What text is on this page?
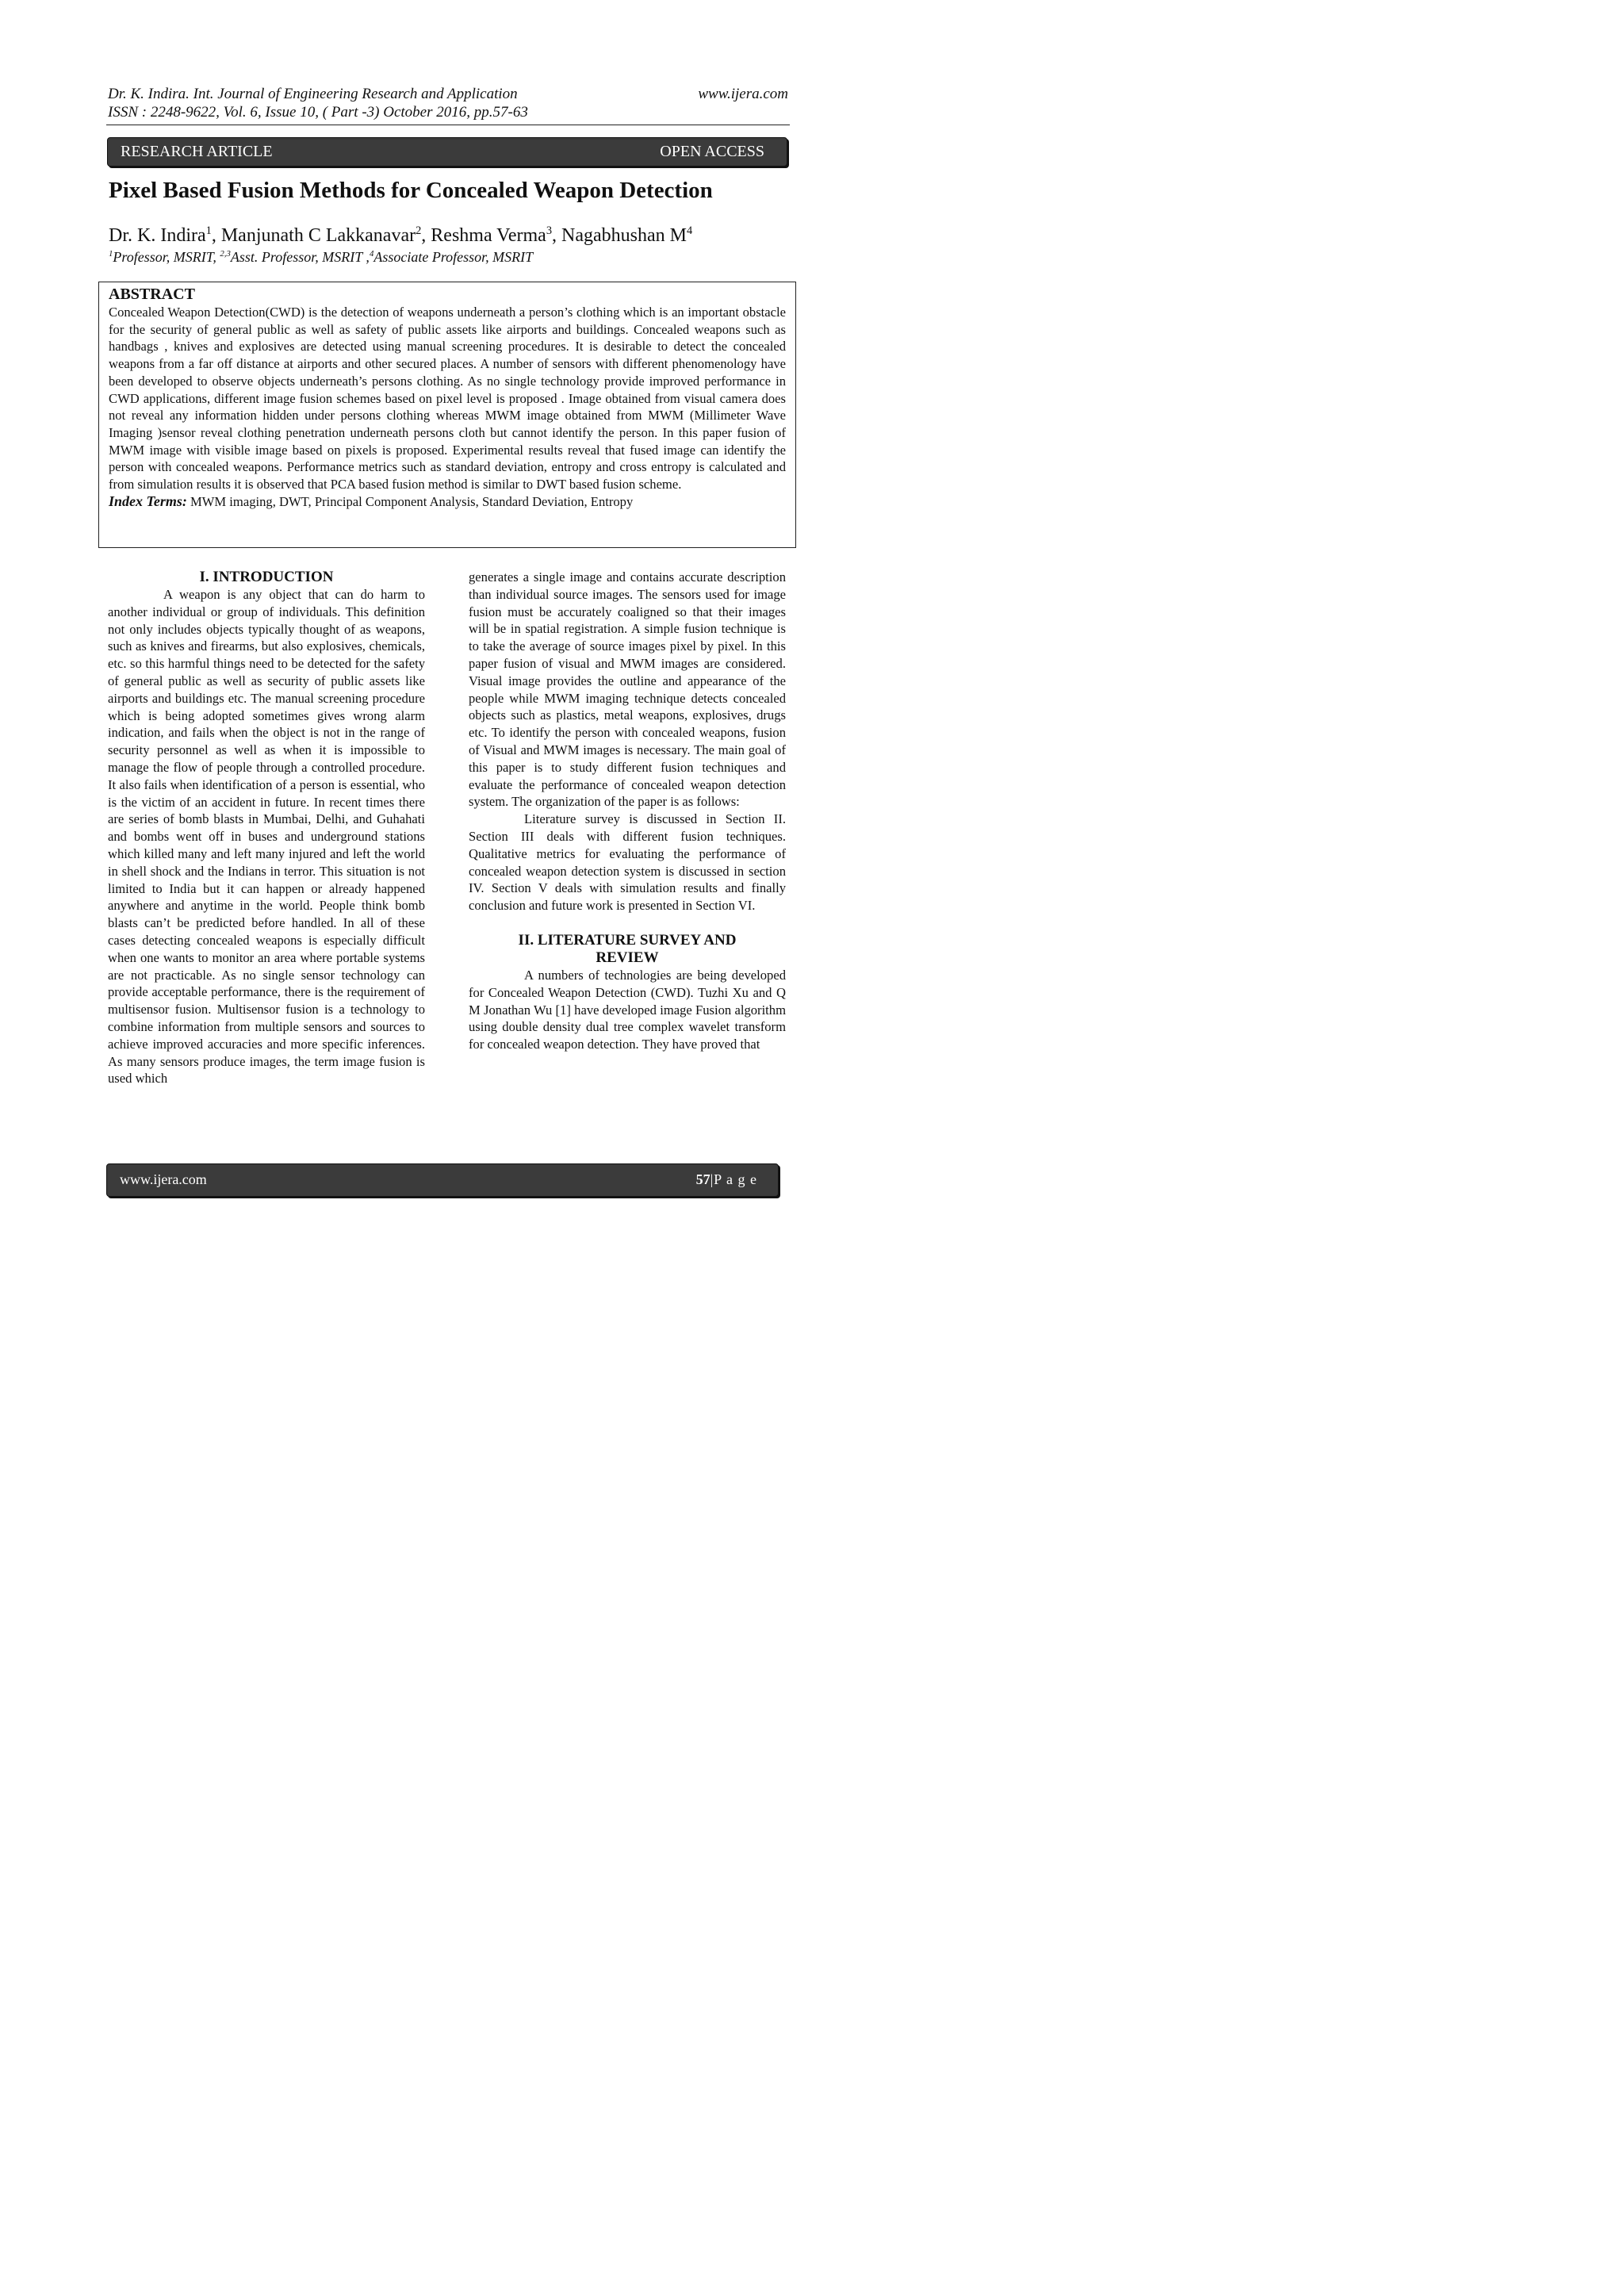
Dr. K. Indira. Int. Journal of Engineering Research and Application
ISSN : 2248-9622, Vol. 6, Issue 10, ( Part -3) October 2016, pp.57-63
www.ijera.com
RESEARCH ARTICLE	OPEN ACCESS
Pixel Based Fusion Methods for Concealed Weapon Detection
Dr. K. Indira$^1$, Manjunath C Lakkanavar$^2$, Reshma Verma$^3$, Nagabhushan $M^4$
$^1$Professor, MSRIT, $^{2,3}$Asst. Professor, MSRIT ,$^4$Associate Professor, MSRIT
ABSTRACT
Concealed Weapon Detection(CWD) is the detection of weapons underneath a person’s clothing which is an important obstacle for the security of general public as well as safety of public assets like airports and buildings. Concealed weapons such as handbags , knives and explosives are detected using manual screening procedures. It is desirable to detect the concealed weapons from a far off distance at airports and other secured places. A number of sensors with different phenomenology have been developed to observe objects underneath’s persons clothing. As no single technology provide improved performance in CWD applications, different image fusion schemes based on pixel level is proposed . Image obtained from visual camera does not reveal any information hidden under persons clothing whereas MWM image obtained from MWM (Millimeter Wave Imaging )sensor reveal clothing penetration underneath persons cloth but cannot identify the person. In this paper fusion of MWM image with visible image based on pixels is proposed. Experimental results reveal that fused image can identify the person with concealed weapons. Performance metrics such as standard deviation, entropy and cross entropy is calculated and from simulation results it is observed that PCA based fusion method is similar to DWT based fusion scheme.
Index Terms: MWM imaging, DWT, Principal Component Analysis, Standard Deviation, Entropy
I. INTRODUCTION

A weapon is any object that can do harm to another individual or group of individuals. This definition not only includes objects typically thought of as weapons, such as knives and firearms, but also explosives, chemicals, etc. so this harmful things need to be detected for the safety of general public as well as security of public assets like airports and buildings etc. The manual screening procedure which is being adopted sometimes gives wrong alarm indication, and fails when the object is not in the range of security personnel as well as when it is impossible to manage the flow of people through a controlled procedure. It also fails when identification of a person is essential, who is the victim of an accident in future. In recent times there are series of bomb blasts in Mumbai, Delhi, and Guhahati and bombs went off in buses and underground stations which killed many and left many injured and left the world in shell shock and the Indians in terror. This situation is not limited to India but it can happen or already happened anywhere and anytime in the world. People think bomb blasts can’t be predicted before handled. In all of these cases detecting concealed weapons is especially difficult when one wants to monitor an area where portable systems are not practicable. As no single sensor technology can provide acceptable performance, there is the requirement of multisensor fusion. Multisensor fusion is a technology to combine information from multiple sensors and sources to achieve improved accuracies and more specific inferences. As many sensors produce images, the term image fusion is used which

generates a single image and contains accurate description than individual source images. The sensors used for image fusion must be accurately coaligned so that their images will be in spatial registration. A simple fusion technique is to take the average of source images pixel by pixel. In this paper fusion of visual and MWM images are considered. Visual image provides the outline and appearance of the people while MWM imaging technique detects concealed objects such as plastics, metal weapons, explosives, drugs etc. To identify the person with concealed weapons, fusion of Visual and MWM images is necessary. The main goal of this paper is to study different fusion techniques and evaluate the performance of concealed weapon detection system. The organization of the paper is as follows:

Literature survey is discussed in Section II. Section III deals with different fusion techniques. Qualitative metrics for evaluating the performance of concealed weapon detection system is discussed in section IV. Section V deals with simulation results and finally conclusion and future work is presented in Section VI.

II. LITERATURE SURVEY AND
REVIEW

A numbers of technologies are being developed for Concealed Weapon Detection (CWD). Tuzhi Xu and Q M Jonathan Wu [1] have developed image Fusion algorithm using double density dual tree complex wavelet transform for concealed weapon detection. They have proved that

www.ijera.com	57|P a g e
